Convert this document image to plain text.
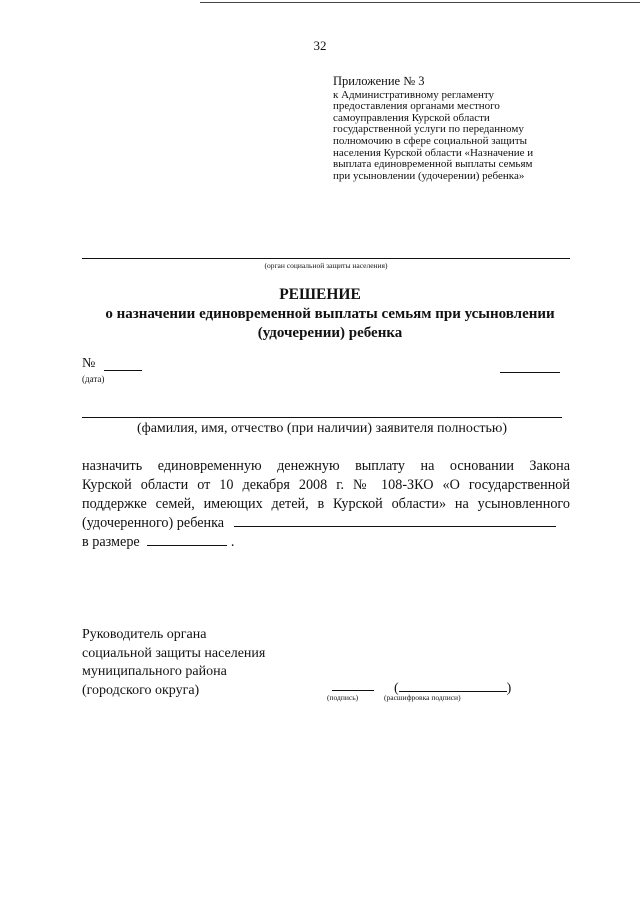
32
Приложение № 3
к Административному регламенту
предоставления органами местного
самоуправления Курской области
государственной услуги по переданному
полномочию в сфере социальной защиты
населения Курской области «Назначение и
выплата единовременной выплаты семьям
при усыновлении (удочерении) ребенка»
(орган социальной защиты населения)
РЕШЕНИЕ
о назначении единовременной выплаты семьям при усыновлении
(удочерении) ребенка
№
(дата)
(фамилия, имя, отчество (при наличии) заявителя полностью)
назначить единовременную денежную выплату на основании Закона
Курской области от 10 декабря 2008 г. № 108-ЗКО «О государственной
поддержке семей, имеющих детей, в Курской области» на усыновленного
(удочеренного) ребенка
в размере	.
Руководитель органа
социальной защиты населения
муниципального района
(городского округа)	(	)
(подпись)	(расшифровка подписи)
